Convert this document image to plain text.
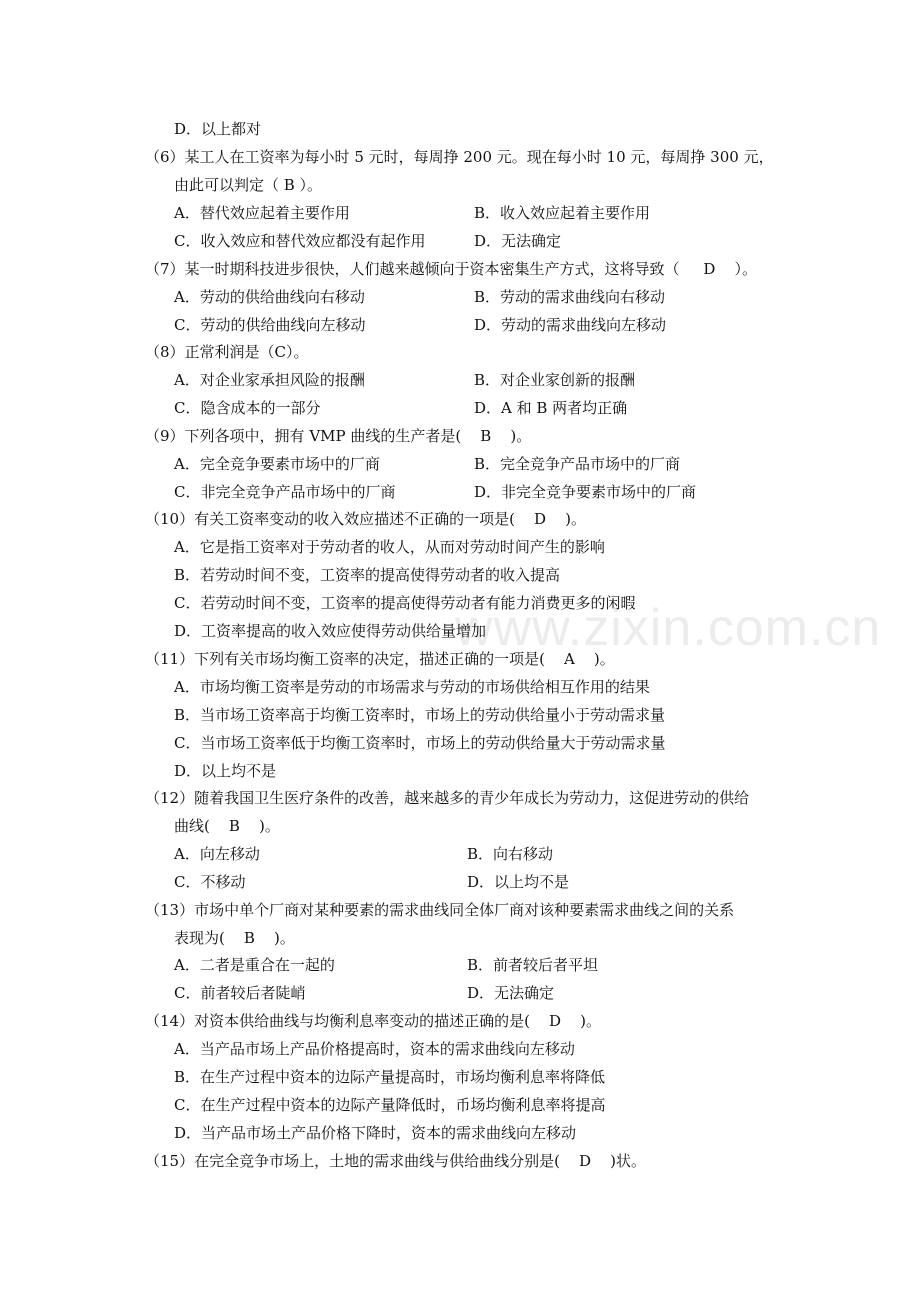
www.zixin.com.cn
D．以上都对
（6）某工人在工资率为每小时 5 元时，每周挣 200 元。现在每小时 10 元，每周挣 300 元，
由此可以判定（ B ）。
A．替代效应起着主要作用	B．收入效应起着主要作用
C．收入效应和替代效应都没有起作用	D．无法确定
（7）某一时期科技进步很快，人们越来越倾向于资本密集生产方式，这将导致（     D    ）。
A．劳动的供给曲线向右移动	B．劳动的需求曲线向右移动
C．劳动的供给曲线向左移动	D．劳动的需求曲线向左移动
（8）正常利润是（C）。
A．对企业家承担风险的报酬	B．对企业家创新的报酬
C．隐含成本的一部分	D．A 和 B 两者均正确
（9）下列各项中，拥有 VMP 曲线的生产者是(    B    )。
A．完全竞争要素市场中的厂商	B．完全竞争产品市场中的厂商
C．非完全竞争产品市场中的厂商	D．非完全竞争要素市场中的厂商
（10）有关工资率变动的收入效应描述不正确的一项是(    D    )。
A．它是指工资率对于劳动者的收人，从而对劳动时间产生的影响
B．若劳动时间不变，工资率的提高使得劳动者的收入提高
C．若劳动时间不变，工资率的提高使得劳动者有能力消费更多的闲暇
D．工资率提高的收入效应使得劳动供给量增加
（11）下列有关市场均衡工资率的决定，描述正确的一项是(    A    )。
A．市场均衡工资率是劳动的市场需求与劳动的市场供给相互作用的结果
B．当市场工资率高于均衡工资率时，市场上的劳动供给量小于劳动需求量
C．当市场工资率低于均衡工资率时，市场上的劳动供给量大于劳动需求量
D．以上均不是
（12）随着我国卫生医疗条件的改善，越来越多的青少年成长为劳动力，这促进劳动的供给
曲线(    B    )。
A．向左移动	B．向右移动
C．不移动	D．以上均不是
（13）市场中单个厂商对某种要素的需求曲线同全体厂商对该种要素需求曲线之间的关系
表现为(    B    )。
A．二者是重合在一起的	B．前者较后者平坦
C．前者较后者陡峭	D．无法确定
（14）对资本供给曲线与均衡利息率变动的描述正确的是(    D    )。
A．当产品市场上产品价格提高时，资本的需求曲线向左移动
B．在生产过程中资本的边际产量提高时，市场均衡利息率将降低
C．在生产过程中资本的边际产量降低时，币场均衡利息率将提高
D．当产品市场土产品价格下降时，资本的需求曲线向左移动
（15）在完全竞争市场上，土地的需求曲线与供给曲线分别是(    D    )状。
